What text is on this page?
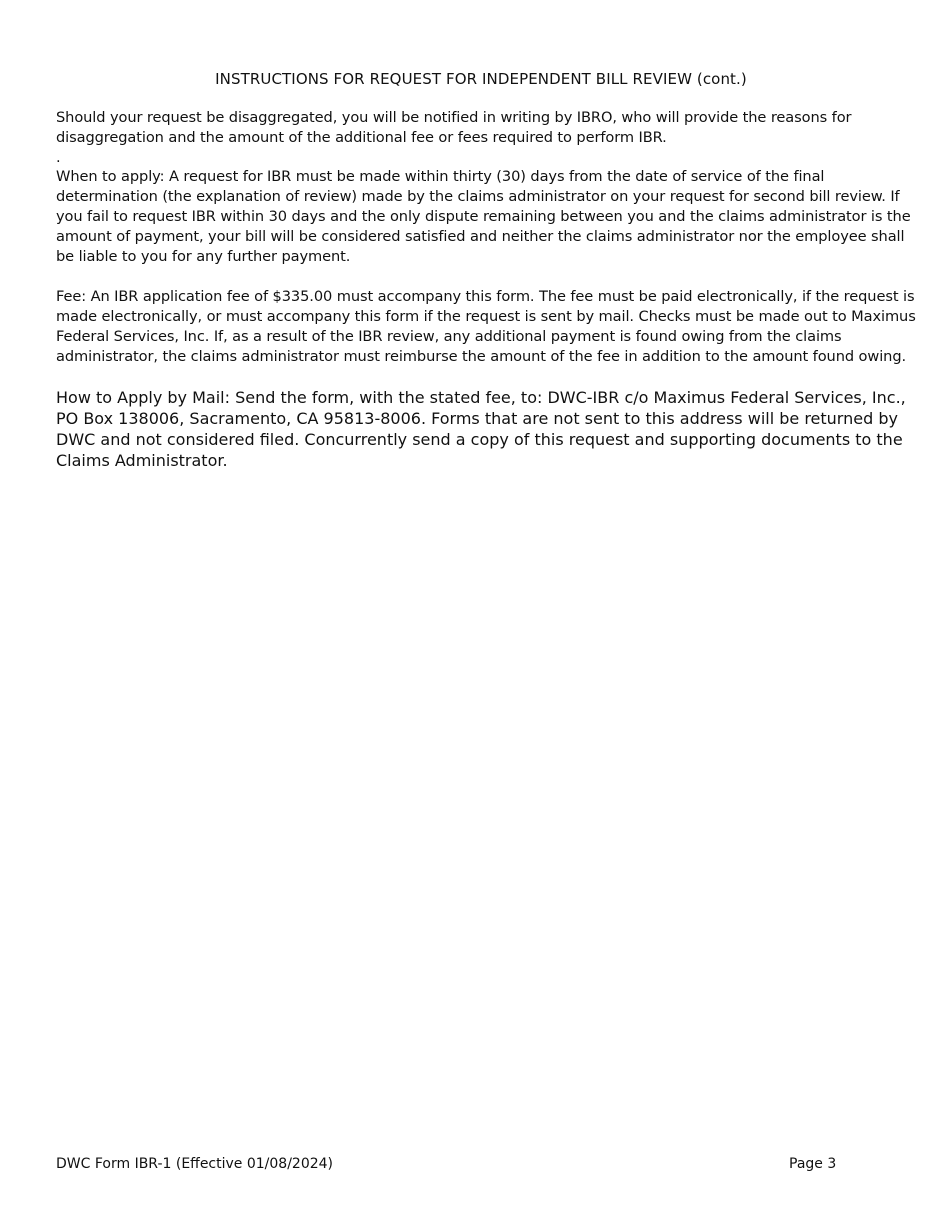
INSTRUCTIONS FOR REQUEST FOR INDEPENDENT BILL REVIEW (cont.)

Should your request be disaggregated, you will be notified in writing by IBRO, who will provide the reasons for disaggregation and the amount of the additional fee or fees required to perform IBR.

.

When to apply: A request for IBR must be made within thirty (30) days from the date of service of the final determination (the explanation of review) made by the claims administrator on your request for second bill review. If you fail to request IBR within 30 days and the only dispute remaining between you and the claims administrator is the amount of payment, your bill will be considered satisfied and neither the claims administrator nor the employee shall be liable to you for any further payment.

Fee: An IBR application fee of $335.00 must accompany this form. The fee must be paid electronically, if the request is made electronically, or must accompany this form if the request is sent by mail. Checks must be made out to Maximus Federal Services, Inc. If, as a result of the IBR review, any additional payment is found owing from the claims administrator, the claims administrator must reimburse the amount of the fee in addition to the amount found owing.

How to Apply by Mail: Send the form, with the stated fee, to: DWC-IBR c/o Maximus Federal Services, Inc., PO Box 138006, Sacramento, CA 95813-8006. Forms that are not sent to this address will be returned by DWC and not considered filed. Concurrently send a copy of this request and supporting documents to the Claims Administrator.

DWC Form IBR-1 (Effective 01/08/2024)	Page 3
